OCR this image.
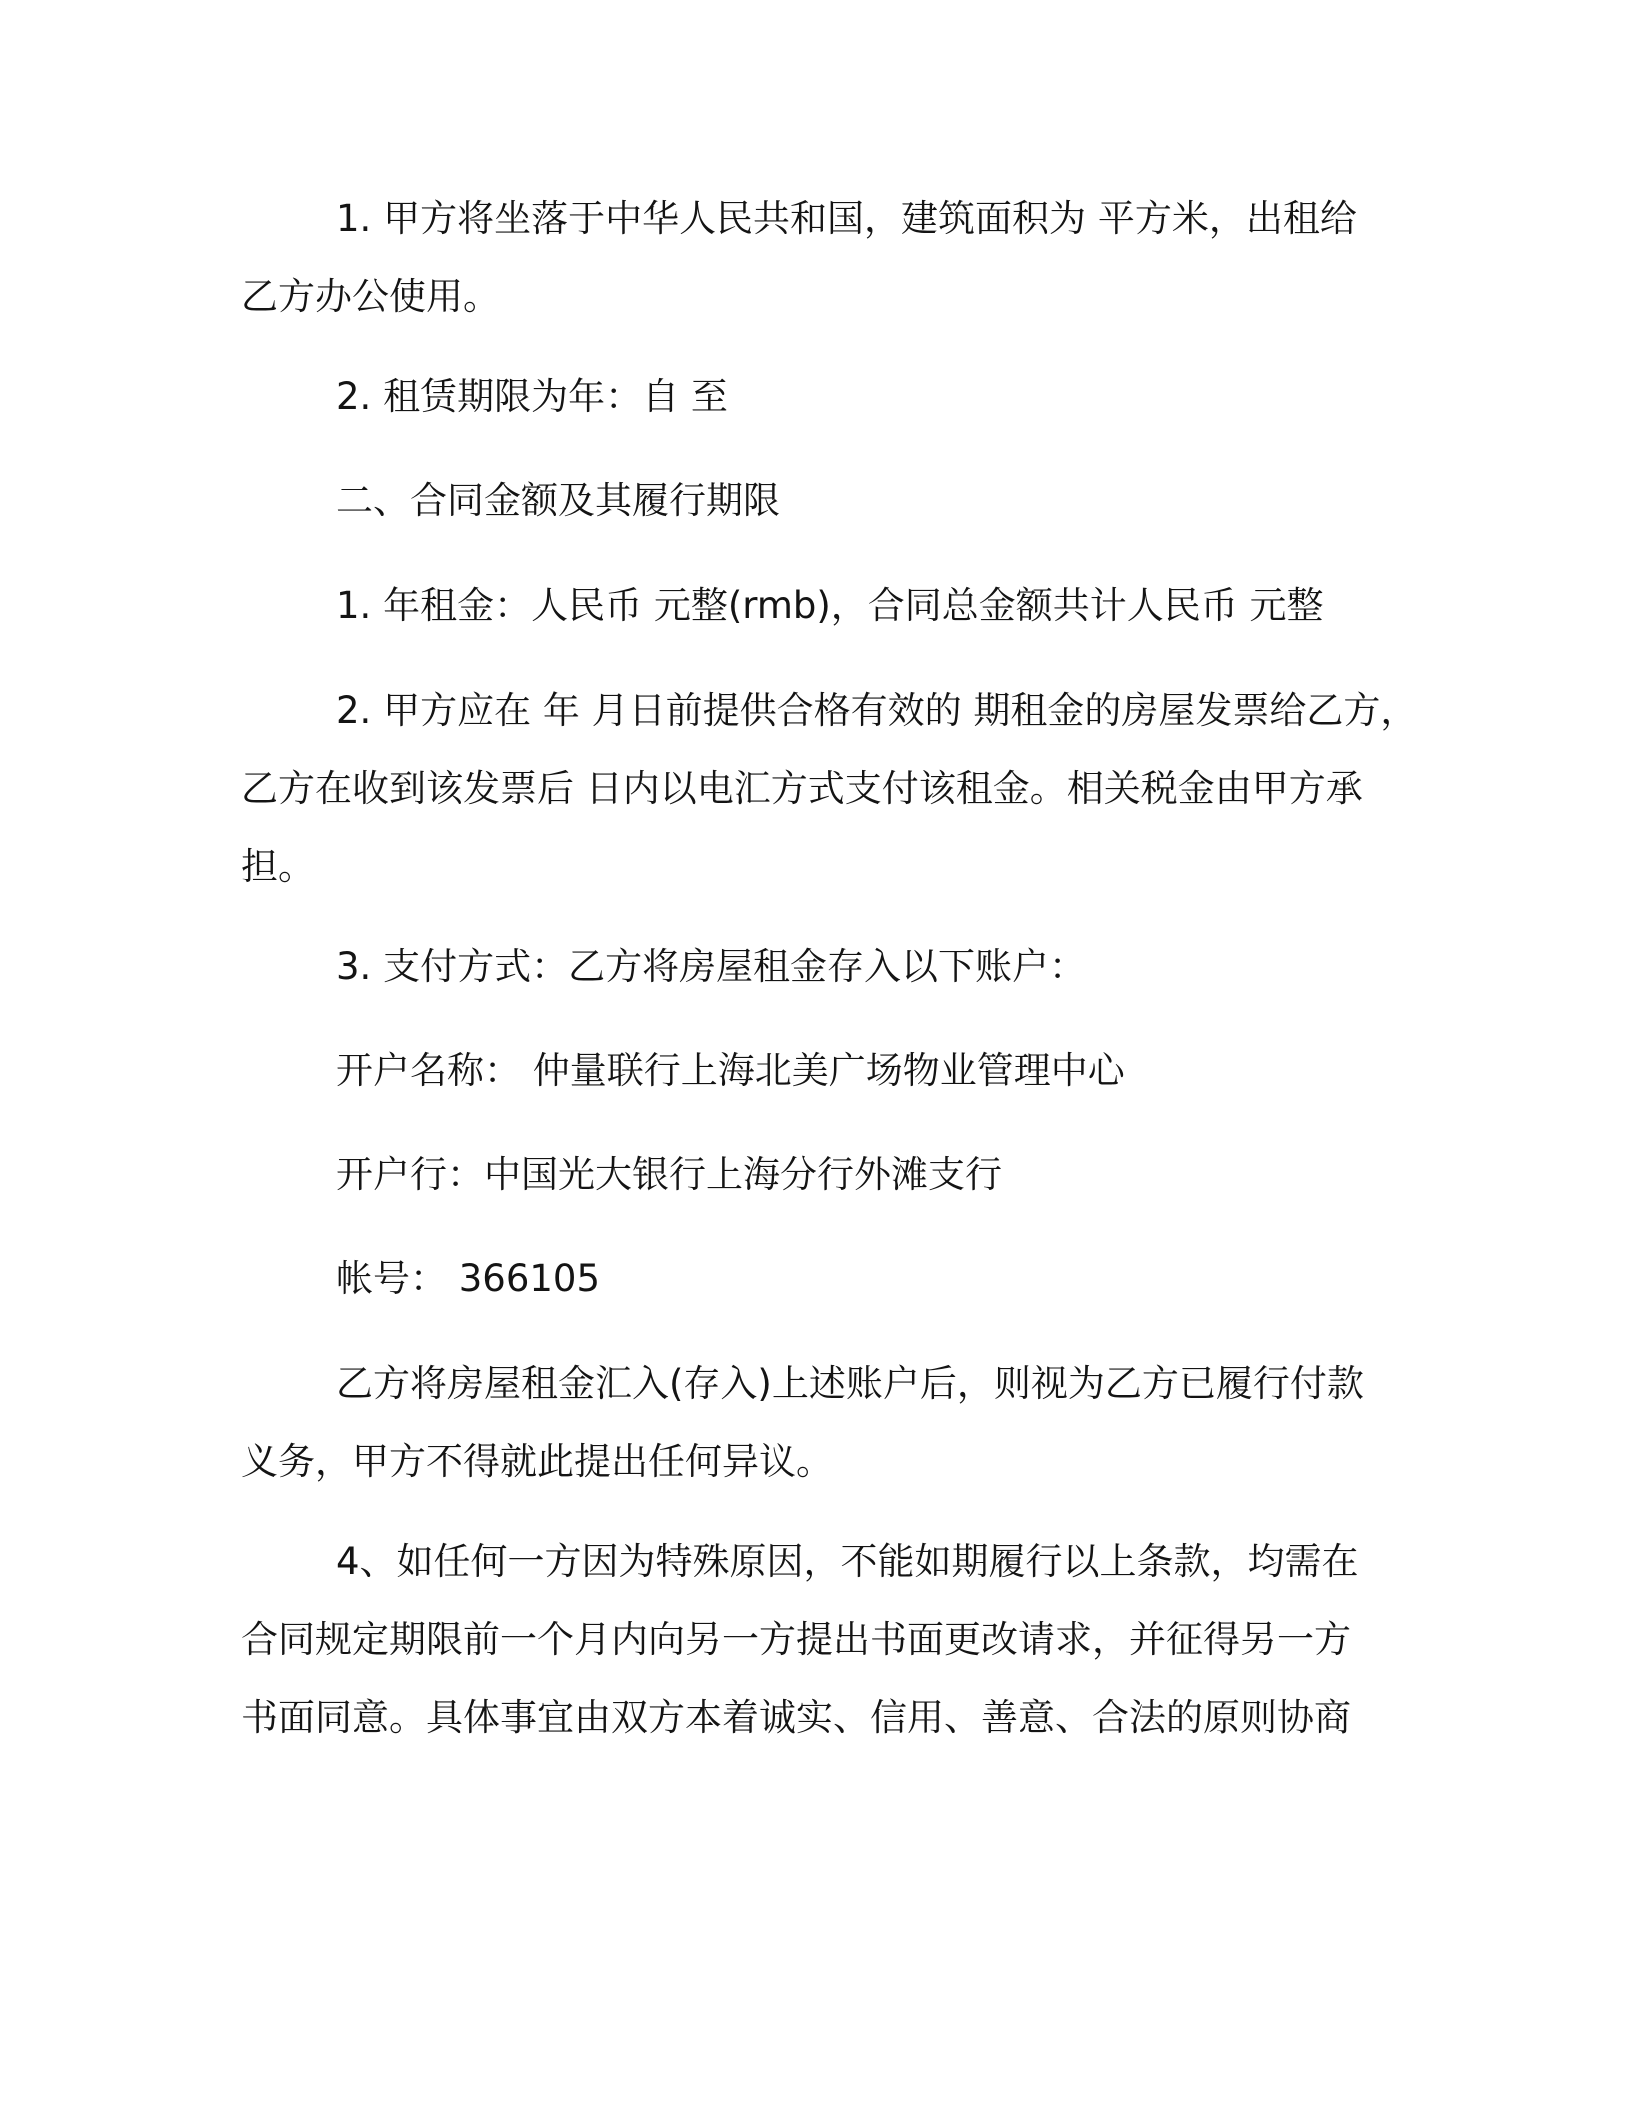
1. 甲方将坐落于中华人民共和国，建筑面积为 平方米，出租给
乙方办公使用。
2. 租赁期限为年：自 至
二、合同金额及其履行期限
1. 年租金：人民币 元整(rmb)，合同总金额共计人民币 元整
2. 甲方应在 年 月日前提供合格有效的 期租金的房屋发票给乙方，
乙方在收到该发票后 日内以电汇方式支付该租金。相关税金由甲方承
担。
3. 支付方式：乙方将房屋租金存入以下账户：
开户名称： 仲量联行上海北美广场物业管理中心
开户行：中国光大银行上海分行外滩支行
帐号： 366105
乙方将房屋租金汇入(存入)上述账户后，则视为乙方已履行付款
义务，甲方不得就此提出任何异议。
4、如任何一方因为特殊原因，不能如期履行以上条款，均需在
合同规定期限前一个月内向另一方提出书面更改请求，并征得另一方
书面同意。具体事宜由双方本着诚实、信用、善意、合法的原则协商
